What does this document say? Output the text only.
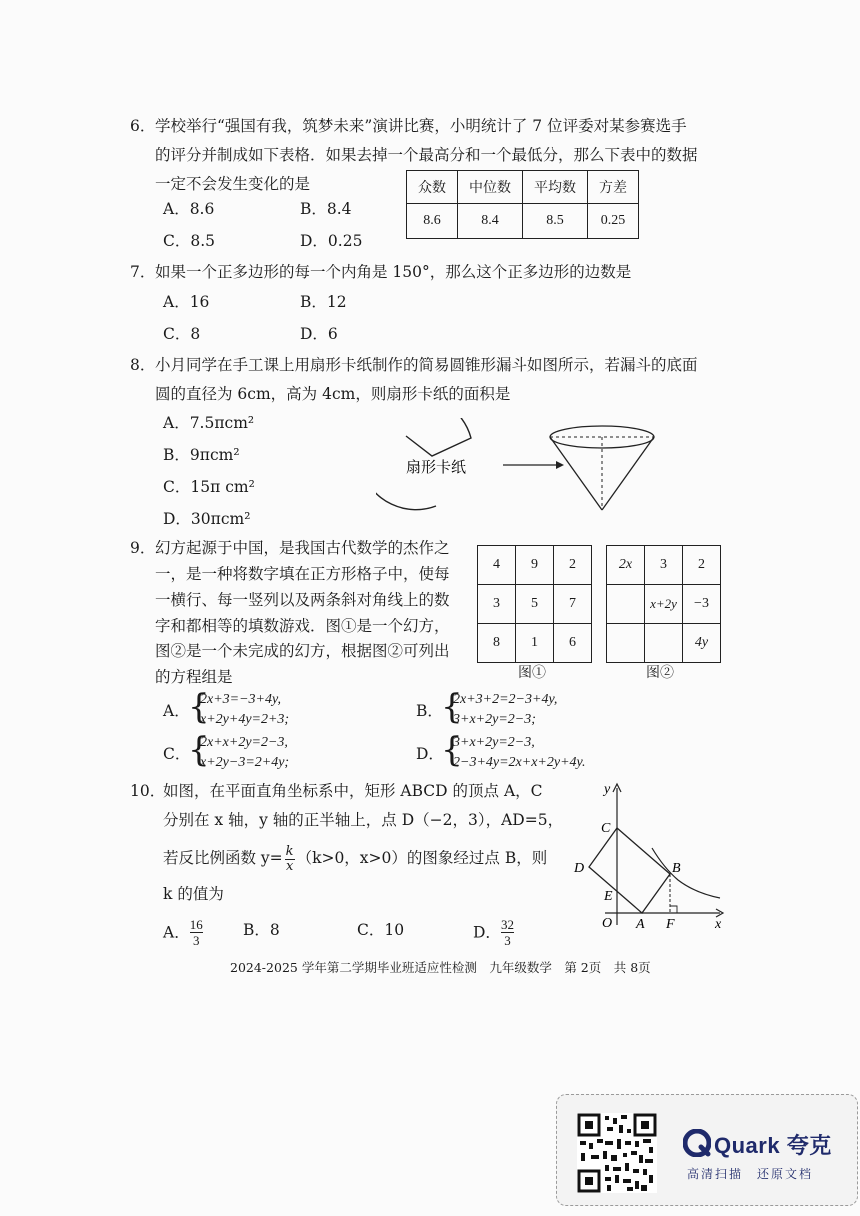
6． 学校举行“强国有我，筑梦未来”演讲比赛，小明统计了 7 位评委对某参赛选手
的评分并制成如下表格．如果去掉一个最高分和一个最低分，那么下表中的数据
一定不会发生变化的是	众数	中位数	平均数	方差
8.6	8.4	8.5	0.25
A．8.6	B．8.4
C．8.5	D．0.25
7． 如果一个正多边形的每一个内角是 150°，那么这个正多边形的边数是
A．16	B．12
C．8	D．6
8． 小月同学在手工课上用扇形卡纸制作的简易圆锥形漏斗如图所示，若漏斗的底面
圆的直径为 6cm，高为 4cm，则扇形卡纸的面积是
A．7.5πcm²
B．9πcm²
C．15π cm²
D．30πcm²
扇形卡纸
9． 幻方起源于中国，是我国古代数学的杰作之
一，是一种将数字填在正方形格子中，使每
一横行、每一竖列以及两条斜对角线上的数
字和都相等的填数游戏．图①是一个幻方，
图②是一个未完成的幻方，根据图②可列出
的方程组是
4	9	2
3	5	7
8	1	6
图①
2x	3	2
	x+2y	−3
		4y
图②
A．
{
2x+3=−3+4y,
x+2y+4y=2+3;	B．
{
2x+3+2=2−3+4y,
3+x+2y=2−3;
C．
{
2x+x+2y=2−3,
x+2y−3=2+4y;	D．
{
3+x+2y=2−3,
2−3+4y=2x+x+2y+4y.
10．
如图，在平面直角坐标系中，矩形 ABCD 的顶点 A，C
分别在 x 轴，y 轴的正半轴上，点 D（−2，3），AD=5，
若反比例函数 $y= \frac{k}{x} (k>0$，x>0）的图象经过点 B，则
k 的值为
A． $\frac{16}{3}$	B．8	C．10	D． $\frac{32}{3}$
y
x
O A
B
C
D
E
F
2024-2025 学年第二学期毕业班适应性检测　九年级数学　第 2页　共 8页
Quark 夸克
高清扫描　还原文档
